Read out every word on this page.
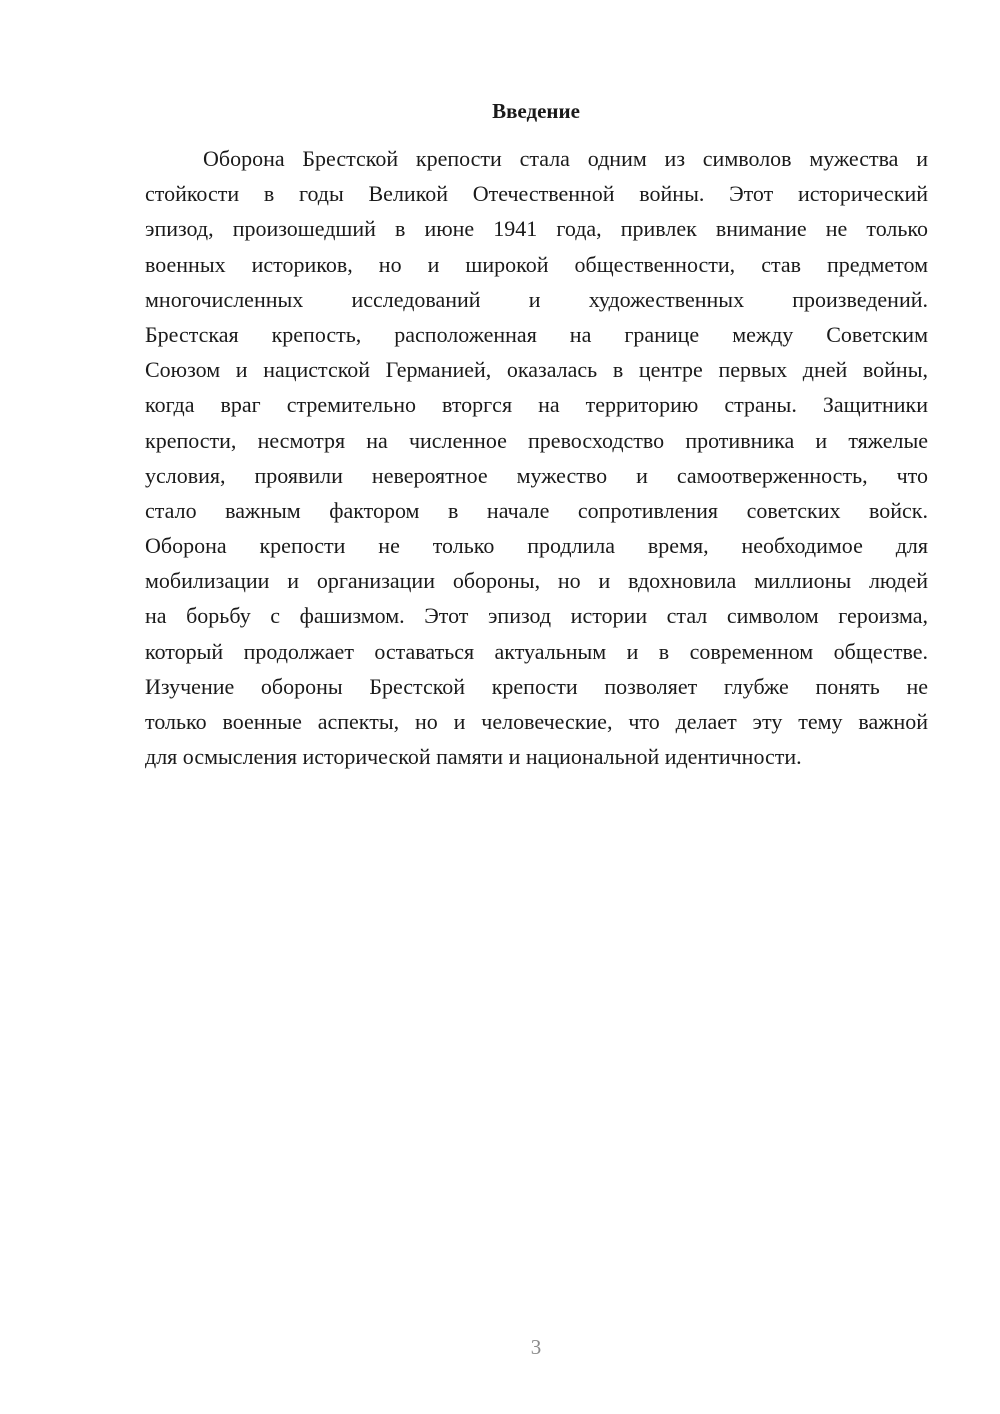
Введение
Оборона Брестской крепости стала одним из символов мужества и
стойкости в годы Великой Отечественной войны. Этот исторический
эпизод, произошедший в июне 1941 года, привлек внимание не только
военных историков, но и широкой общественности, став предметом
многочисленных исследований и художественных произведений.
Брестская крепость, расположенная на границе между Советским
Союзом и нацистской Германией, оказалась в центре первых дней войны,
когда враг стремительно вторгся на территорию страны. Защитники
крепости, несмотря на численное превосходство противника и тяжелые
условия, проявили невероятное мужество и самоотверженность, что
стало важным фактором в начале сопротивления советских войск.
Оборона крепости не только продлила время, необходимое для
мобилизации и организации обороны, но и вдохновила миллионы людей
на борьбу с фашизмом. Этот эпизод истории стал символом героизма,
который продолжает оставаться актуальным и в современном обществе.
Изучение обороны Брестской крепости позволяет глубже понять не
только военные аспекты, но и человеческие, что делает эту тему важной
для осмысления исторической памяти и национальной идентичности.
3
